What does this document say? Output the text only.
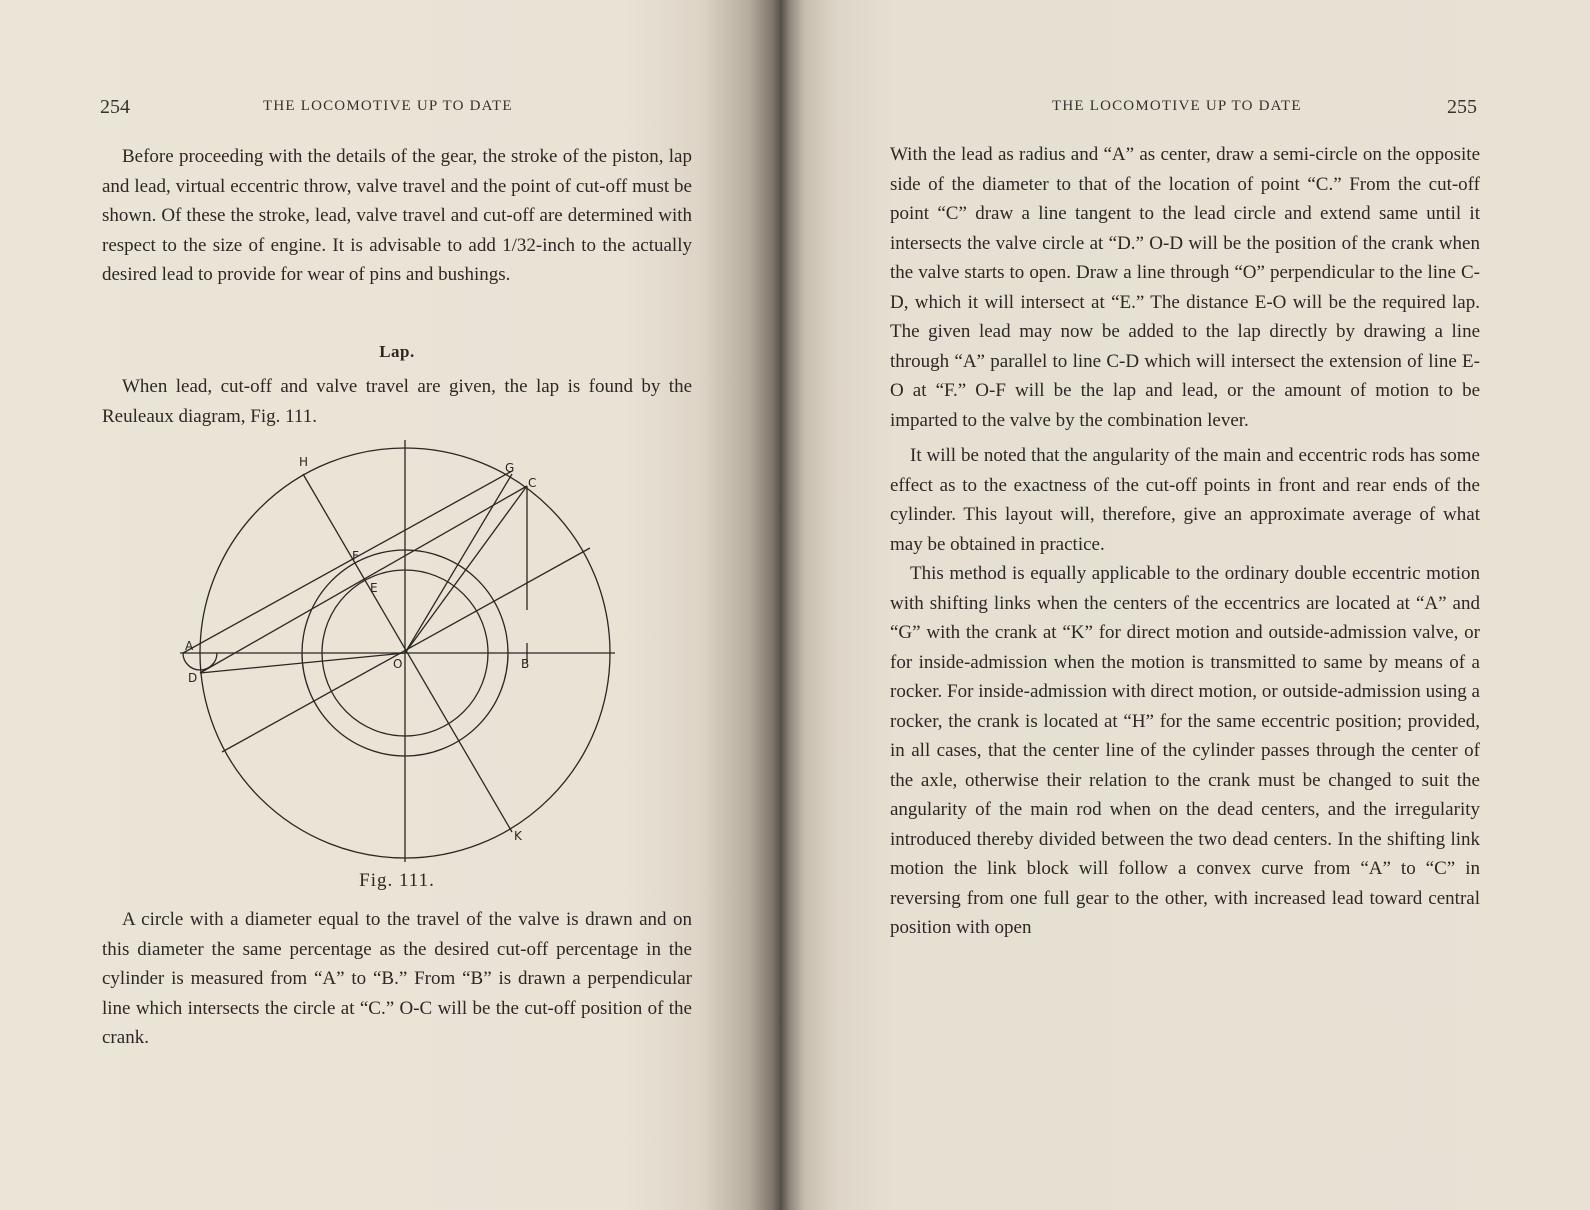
254	THE LOCOMOTIVE UP TO DATE

Before proceeding with the details of the gear, the stroke of the piston, lap and lead, virtual eccentric throw, valve travel and the point of cut-off must be shown. Of these the stroke, lead, valve travel and cut-off are determined with respect to the size of engine. It is advisable to add 1/32-inch to the actually desired lead to provide for wear of pins and bushings.

Lap.

When lead, cut-off and valve travel are given, the lap is found by the Reuleaux diagram, Fig. 111.

H	G
C
F
E
A
D
O	B
K
Fig. 111.

A circle with a diameter equal to the travel of the valve is drawn and on this diameter the same percentage as the desired cut-off percentage in the cylinder is measured from “A” to “B.” From “B” is drawn a perpendicular line which intersects the circle at “C.” O-C will be the cut-off position of the crank.

THE LOCOMOTIVE UP TO DATE	255

With the lead as radius and “A” as center, draw a semi-circle on the opposite side of the diameter to that of the location of point “C.” From the cut-off point “C” draw a line tangent to the lead circle and extend same until it intersects the valve circle at “D.” O-D will be the position of the crank when the valve starts to open. Draw a line through “O” perpendicular to the line C-D, which it will intersect at “E.” The distance E-O will be the required lap. The given lead may now be added to the lap directly by drawing a line through “A” parallel to line C-D which will intersect the extension of line E-O at “F.” O-F will be the lap and lead, or the amount of motion to be imparted to the valve by the combination lever.

It will be noted that the angularity of the main and eccentric rods has some effect as to the exactness of the cut-off points in front and rear ends of the cylinder. This layout will, therefore, give an approximate average of what may be obtained in practice.

This method is equally applicable to the ordinary double eccentric motion with shifting links when the centers of the eccentrics are located at “A” and “G” with the crank at “K” for direct motion and outside-admission valve, or for inside-admission when the motion is transmitted to same by means of a rocker. For inside-admission with direct motion, or outside-admission using a rocker, the crank is located at “H” for the same eccentric position; provided, in all cases, that the center line of the cylinder passes through the center of the axle, otherwise their relation to the crank must be changed to suit the angularity of the main rod when on the dead centers, and the irregularity introduced thereby divided between the two dead centers. In the shifting link motion the link block will follow a convex curve from “A” to “C” in reversing from one full gear to the other, with increased lead toward central position with open
